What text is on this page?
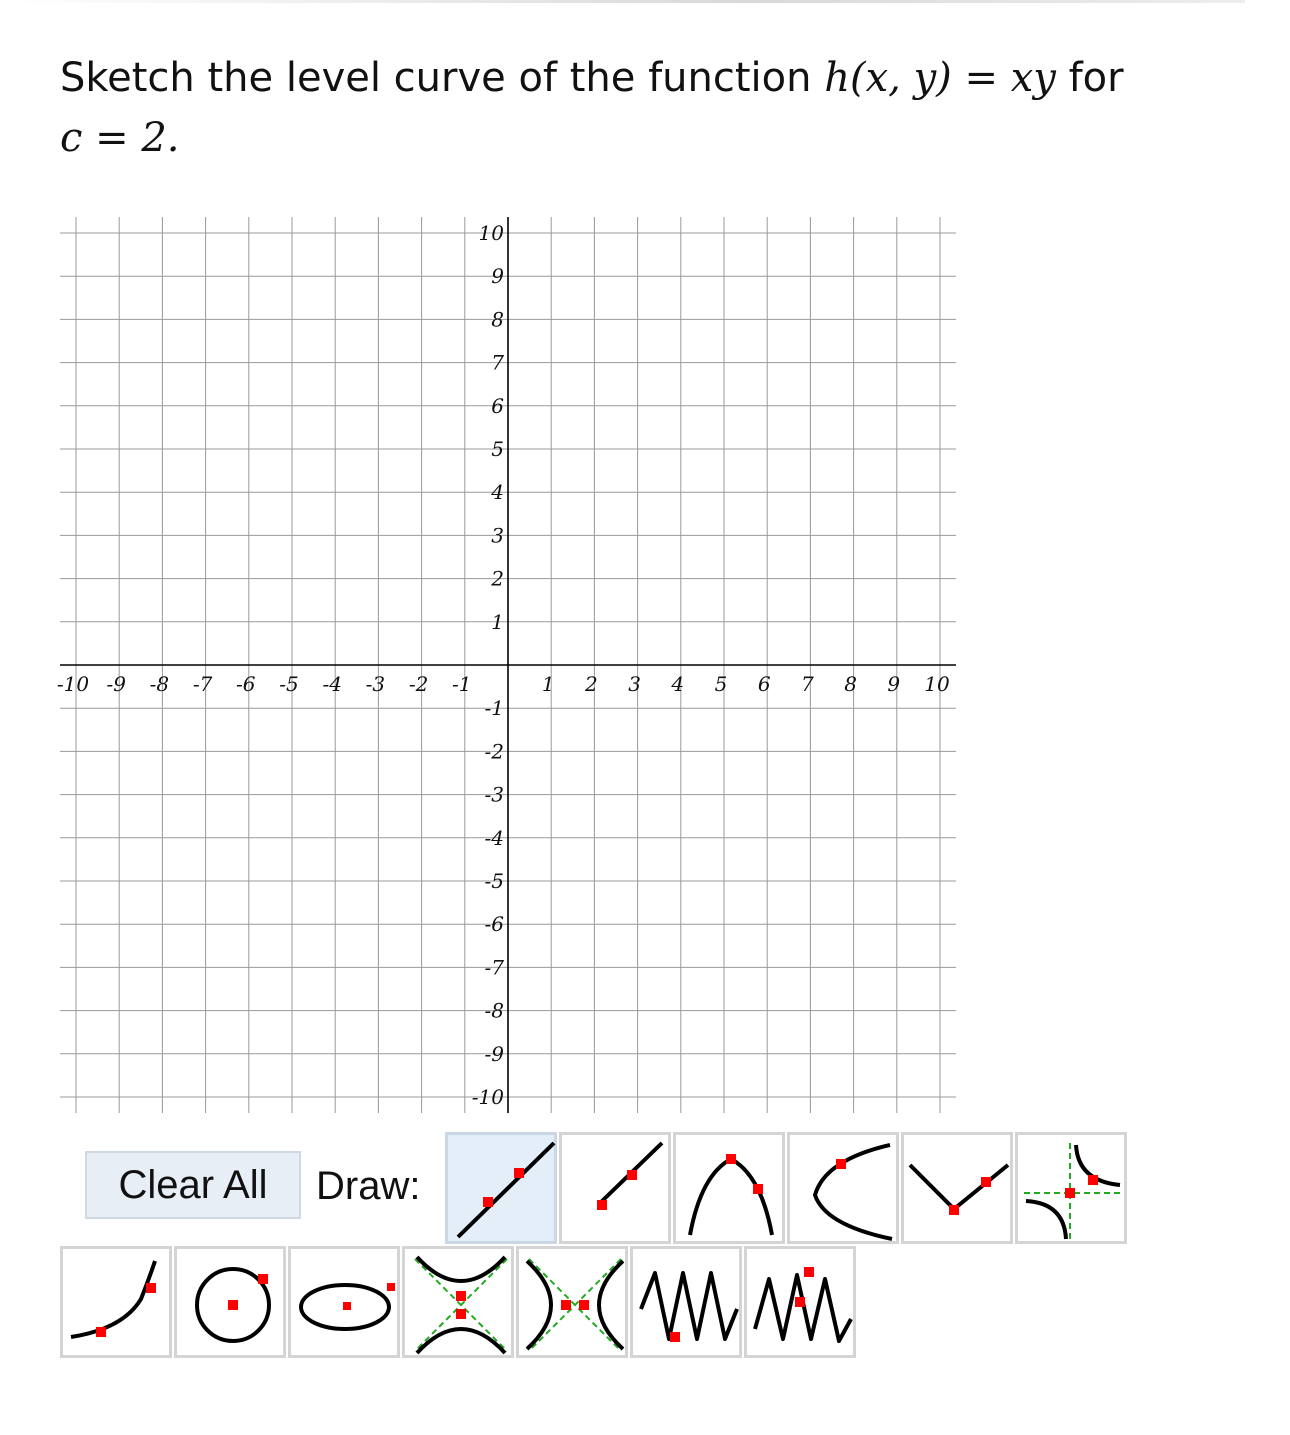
Sketch the level curve of the function h(x, y) = xy for
c = 2.
-10 -9 -8 -7 -6 -5 -4 -3 -2 -1	1 2 3 4 5 6 7 8 9 10
10
9
8
7
6
5
4
3
2
1
-1
-2
-3
-4
-5
-6
-7
-8
-9
-10
Clear All	Draw:
